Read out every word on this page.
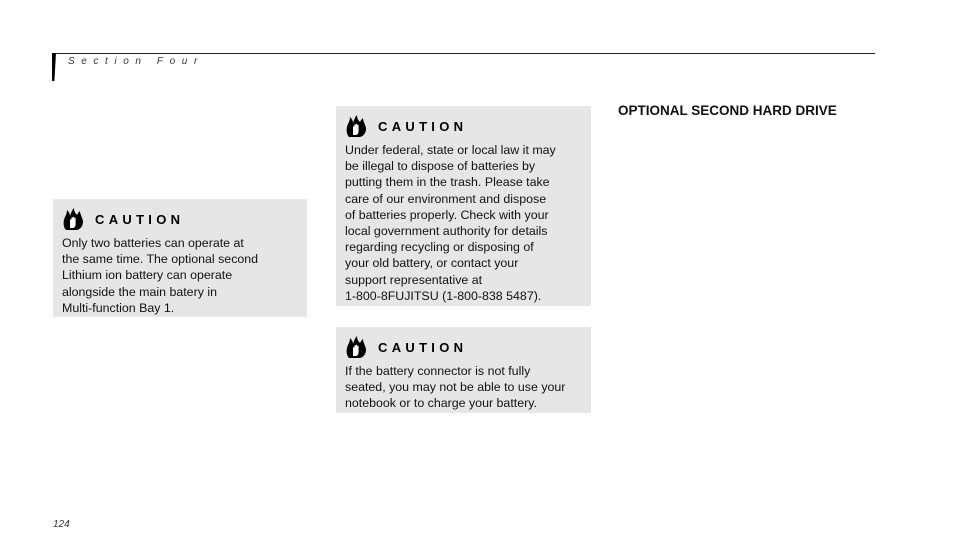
Section Four
CAUTION

Only two batteries can operate at
the same time. The optional second
Lithium ion battery can operate
alongside the main batery in
Multi-function Bay 1.

CAUTION

Under federal, state or local law it may
be illegal to dispose of batteries by
putting them in the trash. Please take
care of our environment and dispose
of batteries properly. Check with your
local government authority for details
regarding recycling or disposing of
your old battery, or contact your
support representative at
1-800-8FUJITSU (1-800-838 5487).

CAUTION

If the battery connector is not fully
seated, you may not be able to use your
notebook or to charge your battery.

OPTIONAL SECOND HARD DRIVE
124
